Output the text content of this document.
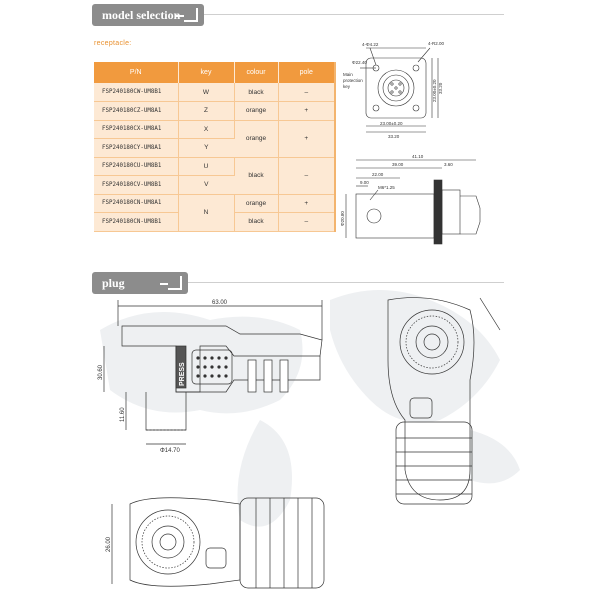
model selection
receptacle:
P/N	key	colour	pole
FSP240180CW-UM8B1	W	black	–
FSP240180CZ-UM8A1	Z	orange	+
FSP240180CX-UM8A1	X	orange	+
FSP240180CY-UM8A1	Y		
FSP240180CU-UM8B1	U	black	–
FSP240180CV-UM8B1	V		
FSP240180CN-UM8A1	N	orange	+
FSP240180CN-UM8B1		black	–
4-Φ4.22	4-R2.00
Φ22.40
Main
protection
key
23.00±0.20
33.20
23.00±0.20 33.20
41.10
39.00	3.60
22.00
9.00
M6*1.25
Φ20.80
PRESS
63.00
30.60
11.60
Φ14.70
26.00
plug
